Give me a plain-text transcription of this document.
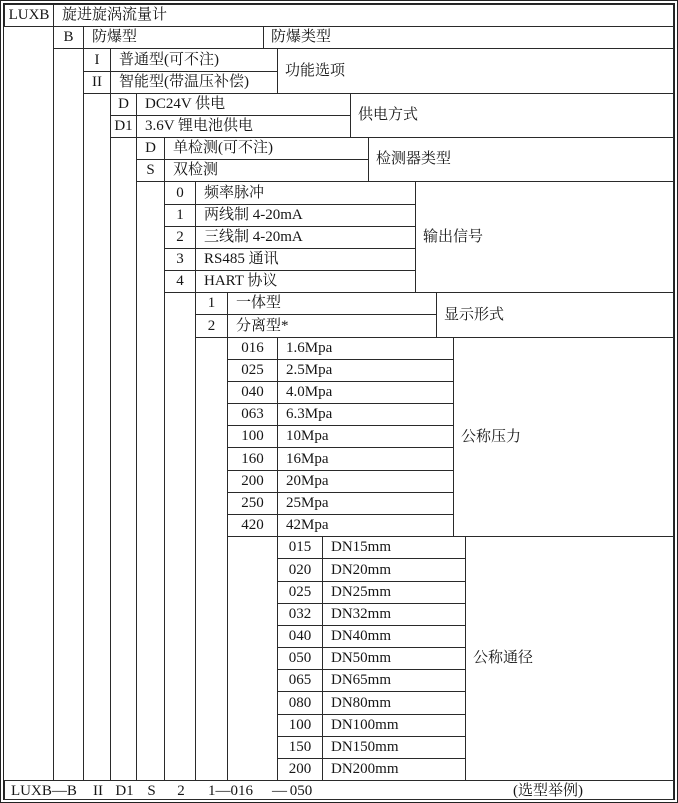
LUXB 旋进旋涡流量计
B	防爆型	防爆类型
I	普通型(可不注)
II	智能型(带温压补偿)
功能选项
D	DC24V 供电
D1 3.6V 锂电池供电
供电方式
D	单检测(可不注)
S	双检测
检测器类型
0	频率脉冲
1	两线制 4-20mA
2	三线制 4-20mA
3	RS485 通讯
4	HART 协议
输出信号
1	一体型
2	分离型*
显示形式
016	1.6Mpa
025	2.5Mpa
040	4.0Mpa
063	6.3Mpa
100	10Mpa
160	16Mpa
200	20Mpa
250	25Mpa
420	42Mpa
公称压力
015	DN15mm
020	DN20mm
025	DN25mm
032	DN32mm
040	DN40mm
050	DN50mm
065	DN65mm
080	DN80mm
100	DN100mm
150	DN150mm
200	DN200mm
公称通径
LUXB—B	II D1 S	2	1—016 — 050	(选型举例)
